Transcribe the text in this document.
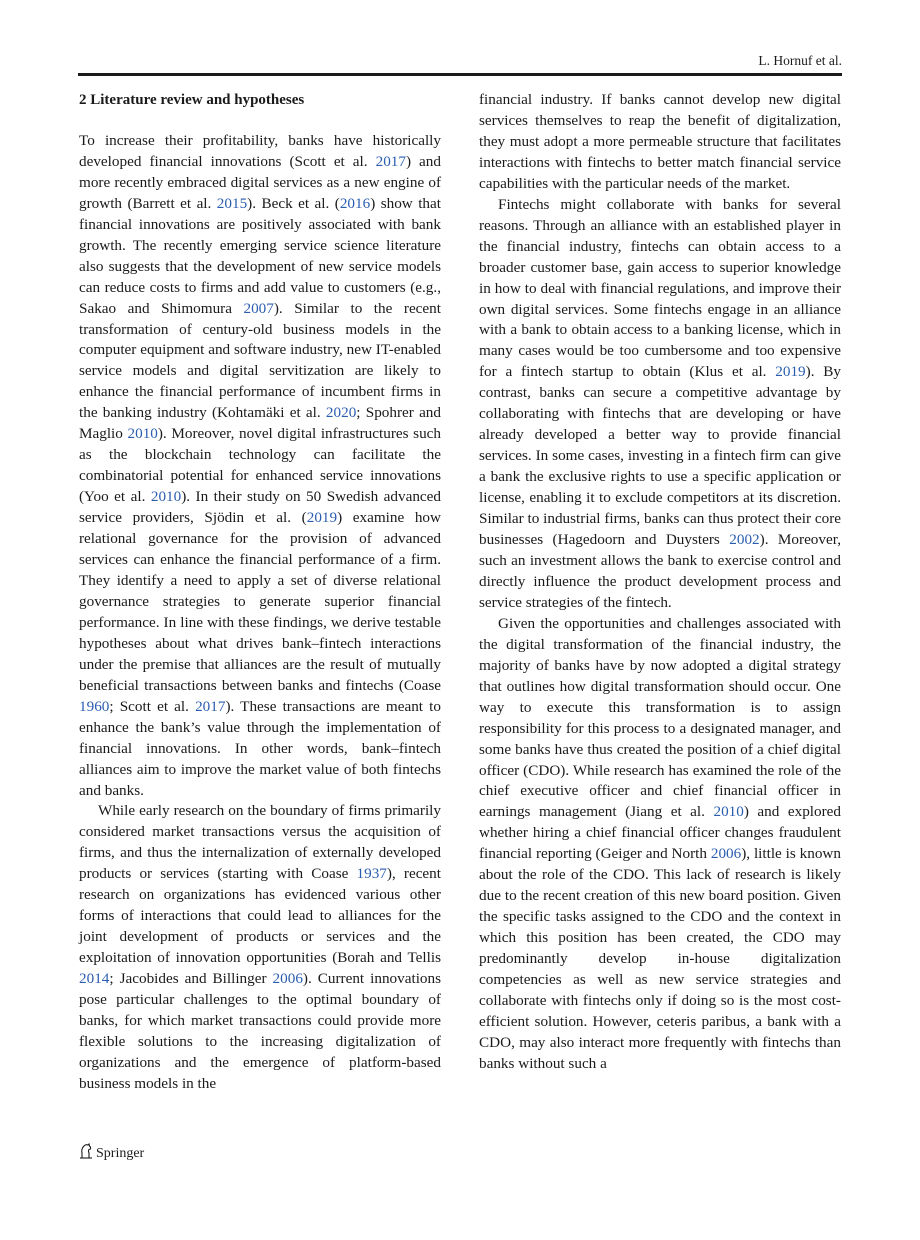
L. Hornuf et al.
2 Literature review and hypotheses

To increase their profitability, banks have historically developed financial innovations (Scott et al. 2017) and more recently embraced digital services as a new engine of growth (Barrett et al. 2015). Beck et al. (2016) show that financial innovations are positively associated with bank growth. The recently emerging service science literature also suggests that the development of new service models can reduce costs to firms and add value to customers (e.g., Sakao and Shimomura 2007). Similar to the recent transformation of century-old business models in the computer equipment and software industry, new IT-enabled service models and digital servitization are likely to enhance the financial performance of incumbent firms in the banking industry (Kohtamäki et al. 2020; Spohrer and Maglio 2010). Moreover, novel digital infrastructures such as the blockchain technology can facilitate the combinatorial potential for enhanced service innovations (Yoo et al. 2010). In their study on 50 Swedish advanced service providers, Sjödin et al. (2019) examine how relational governance for the provision of advanced services can enhance the financial performance of a firm. They identify a need to apply a set of diverse relational governance strategies to generate superior financial performance. In line with these findings, we derive testable hypotheses about what drives bank–fintech interactions under the premise that alliances are the result of mutually beneficial transactions between banks and fintechs (Coase 1960; Scott et al. 2017). These transactions are meant to enhance the bank’s value through the implementation of financial innovations. In other words, bank–fintech alliances aim to improve the market value of both fintechs and banks.

While early research on the boundary of firms primarily considered market transactions versus the acquisition of firms, and thus the internalization of externally developed products or services (starting with Coase 1937), recent research on organizations has evidenced various other forms of interactions that could lead to alliances for the joint development of products or services and the exploitation of innovation opportunities (Borah and Tellis 2014; Jacobides and Billinger 2006). Current innovations pose particular challenges to the optimal boundary of banks, for which market transactions could provide more flexible solutions to the increasing digitalization of organizations and the emergence of platform-based business models in the

financial industry. If banks cannot develop new digital services themselves to reap the benefit of digitalization, they must adopt a more permeable structure that facilitates interactions with fintechs to better match financial service capabilities with the particular needs of the market.

Fintechs might collaborate with banks for several reasons. Through an alliance with an established player in the financial industry, fintechs can obtain access to a broader customer base, gain access to superior knowledge in how to deal with financial regulations, and improve their own digital services. Some fintechs engage in an alliance with a bank to obtain access to a banking license, which in many cases would be too cumbersome and too expensive for a fintech startup to obtain (Klus et al. 2019). By contrast, banks can secure a competitive advantage by collaborating with fintechs that are developing or have already developed a better way to provide financial services. In some cases, investing in a fintech firm can give a bank the exclusive rights to use a specific application or license, enabling it to exclude competitors at its discretion. Similar to industrial firms, banks can thus protect their core businesses (Hagedoorn and Duysters 2002). Moreover, such an investment allows the bank to exercise control and directly influence the product development process and service strategies of the fintech.

Given the opportunities and challenges associated with the digital transformation of the financial industry, the majority of banks have by now adopted a digital strategy that outlines how digital transformation should occur. One way to execute this transformation is to assign responsibility for this process to a designated manager, and some banks have thus created the position of a chief digital officer (CDO). While research has examined the role of the chief executive officer and chief financial officer in earnings management (Jiang et al. 2010) and explored whether hiring a chief financial officer changes fraudulent financial reporting (Geiger and North 2006), little is known about the role of the CDO. This lack of research is likely due to the recent creation of this new board position. Given the specific tasks assigned to the CDO and the context in which this position has been created, the CDO may predominantly develop in-house digitalization competencies as well as new service strategies and collaborate with fintechs only if doing so is the most cost-efficient solution. However, ceteris paribus, a bank with a CDO, may also interact more frequently with fintechs than banks without such a

Springer
